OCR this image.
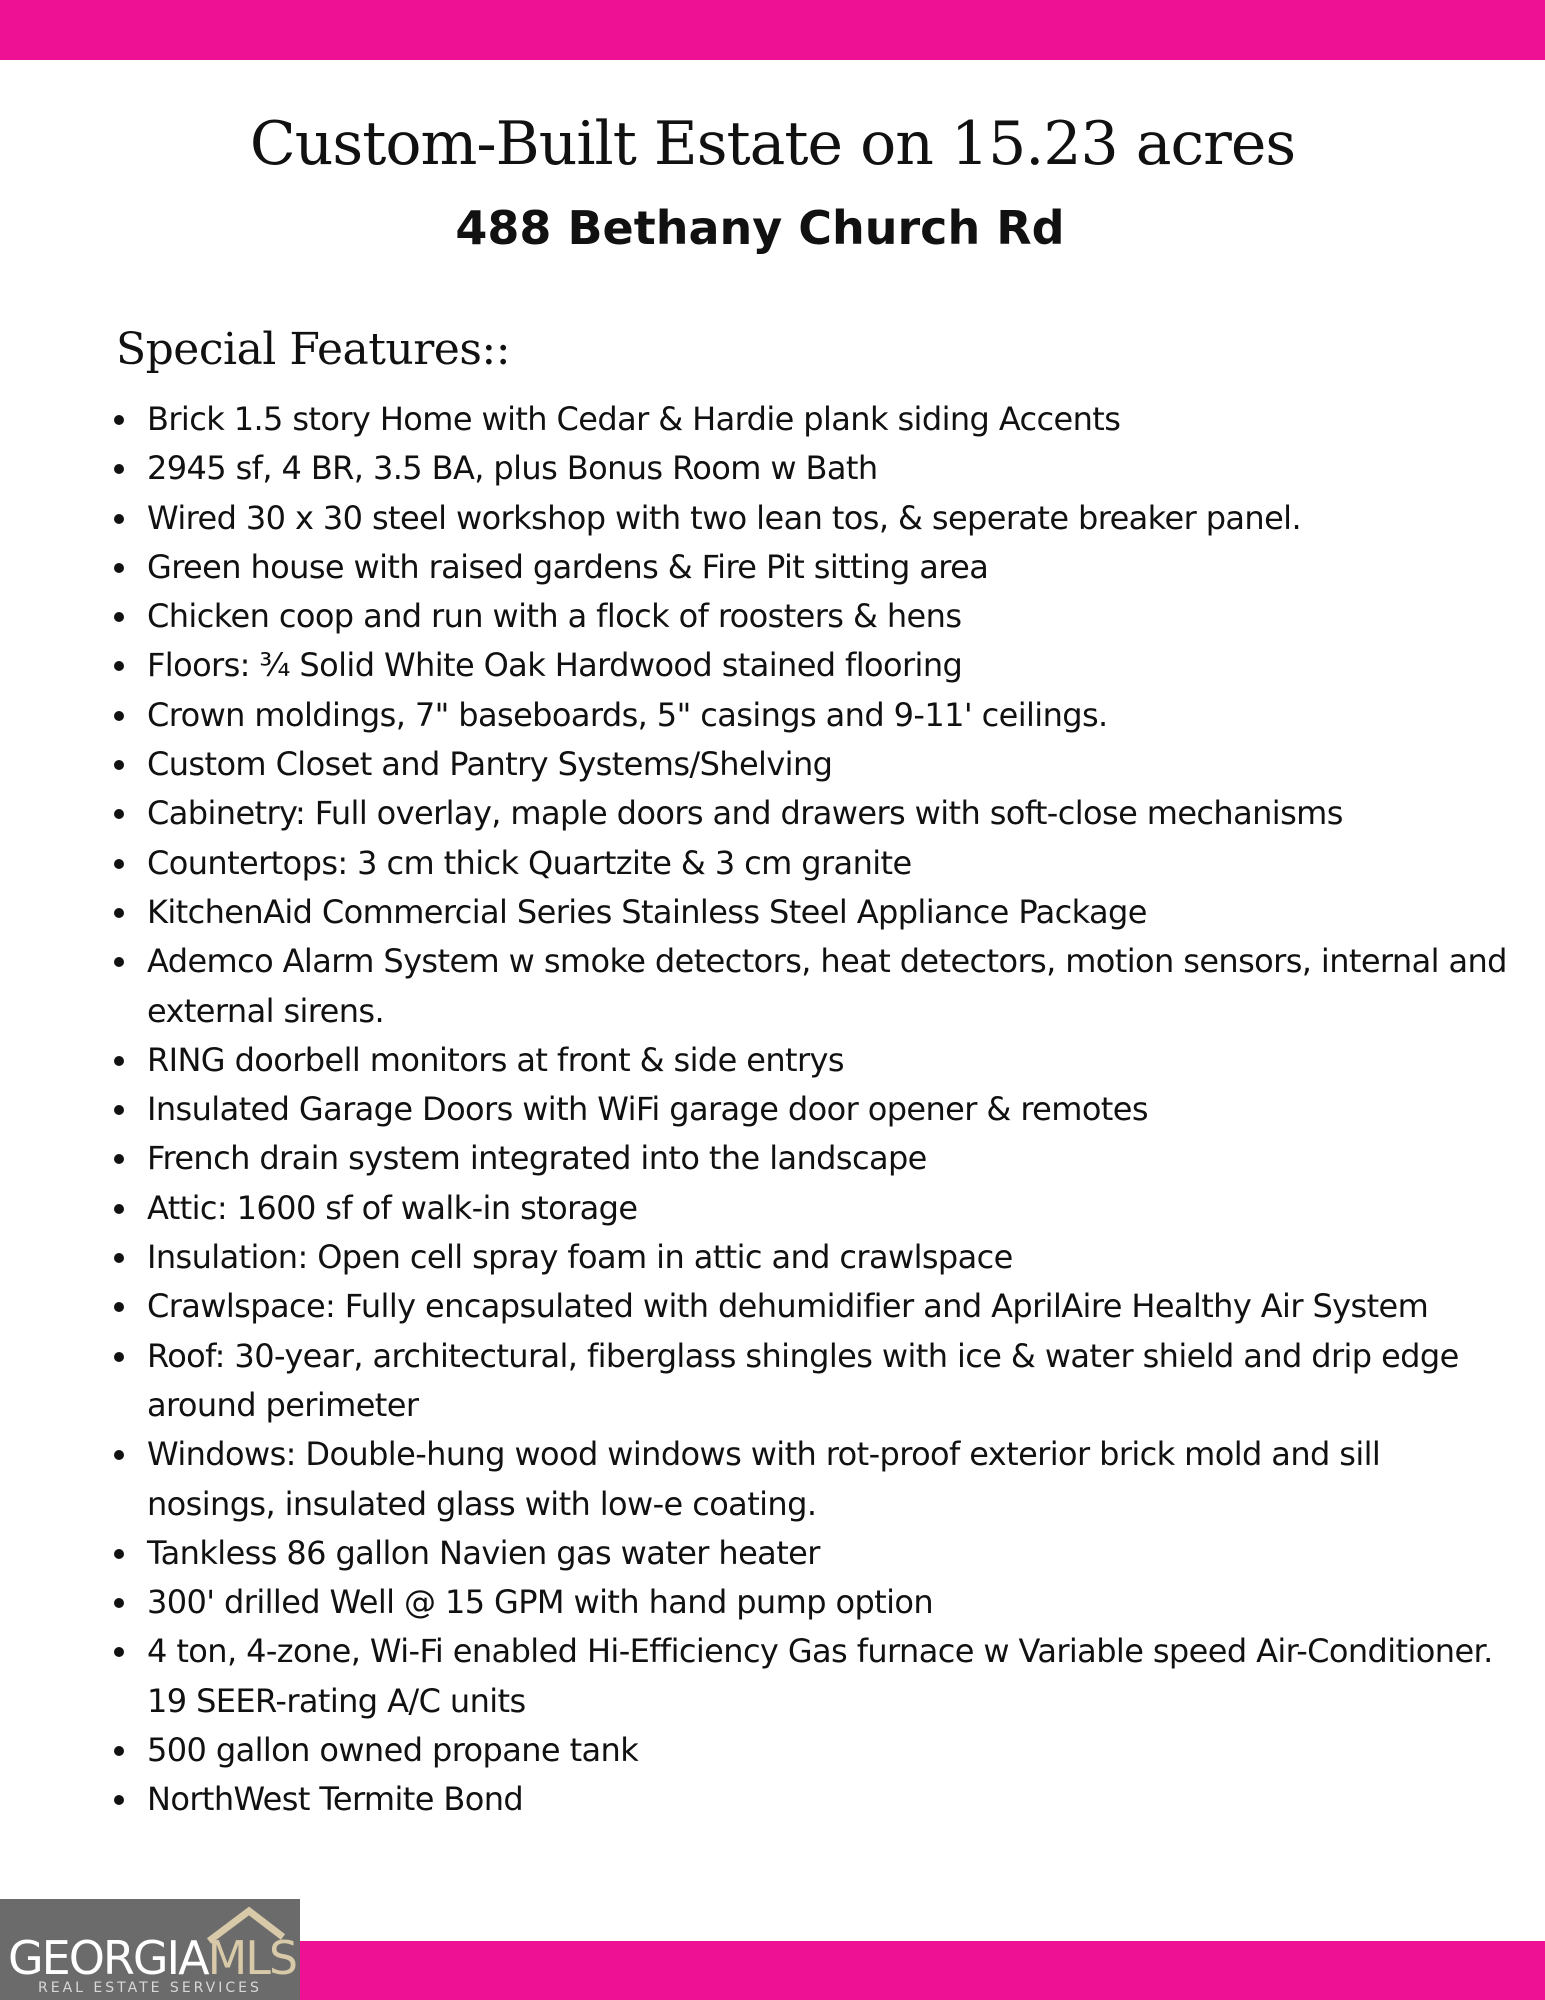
Custom-Built Estate on 15.23 acres
488 Bethany Church Rd
Special Features::
Brick 1.5 story Home with Cedar & Hardie plank siding Accents
2945 sf, 4 BR, 3.5 BA, plus Bonus Room w Bath
Wired 30 x 30 steel workshop with two lean tos, & seperate breaker panel.
Green house with raised gardens & Fire Pit sitting area
Chicken coop and run with a flock of roosters & hens
Floors: ¾ Solid White Oak Hardwood stained flooring
Crown moldings, 7" baseboards, 5" casings and 9-11' ceilings.
Custom Closet and Pantry Systems/Shelving
Cabinetry: Full overlay, maple doors and drawers with soft-close mechanisms
Countertops: 3 cm thick Quartzite & 3 cm granite
KitchenAid Commercial Series Stainless Steel Appliance Package
Ademco Alarm System w smoke detectors, heat detectors, motion sensors, internal and external sirens.
RING doorbell monitors at front & side entrys
Insulated Garage Doors with WiFi garage door opener & remotes
French drain system integrated into the landscape
Attic: 1600 sf of walk-in storage
Insulation: Open cell spray foam in attic and crawlspace
Crawlspace: Fully encapsulated with dehumidifier and AprilAire Healthy Air System
Roof: 30-year, architectural, fiberglass shingles with ice & water shield and drip edge around perimeter
Windows: Double-hung wood windows with rot-proof exterior brick mold and sill nosings, insulated glass with low-e coating.
Tankless 86 gallon Navien gas water heater
300' drilled Well @ 15 GPM with hand pump option
4 ton, 4-zone, Wi-Fi enabled Hi-Efficiency Gas furnace w Variable speed Air-Conditioner. 19 SEER-rating A/C units
500 gallon owned propane tank
NorthWest Termite Bond
GEORGIAMLS
REAL ESTATE SERVICES
